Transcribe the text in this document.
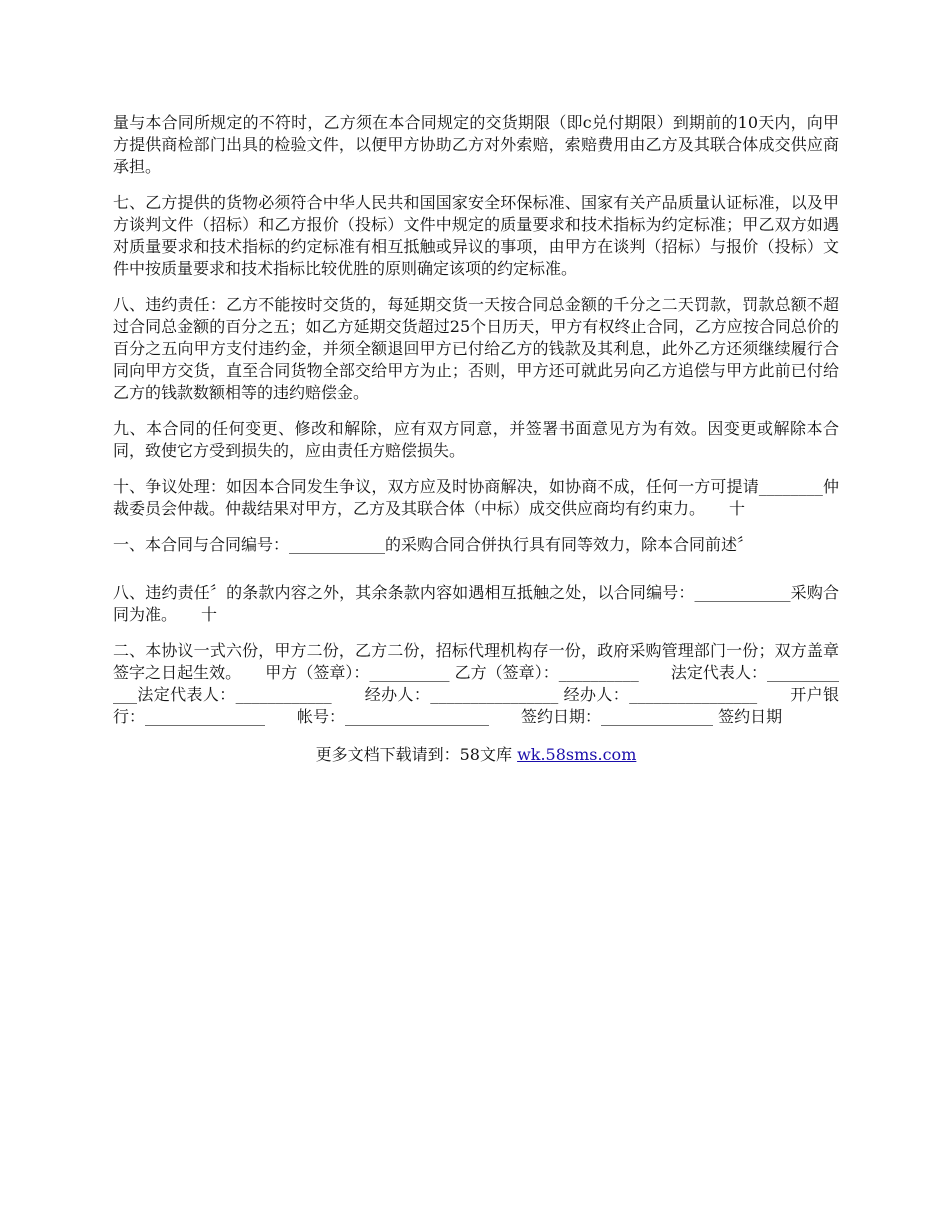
量与本合同所规定的不符时，乙方须在本合同规定的交货期限（即c兑付期限）到期前的10天内，向甲方提供商检部门出具的检验文件，以便甲方协助乙方对外索赔，索赔费用由乙方及其联合体成交供应商承担。

七、乙方提供的货物必须符合中华人民共和国国家安全环保标准、国家有关产品质量认证标准，以及甲方谈判文件（招标）和乙方报价（投标）文件中规定的质量要求和技术指标为约定标准；甲乙双方如遇对质量要求和技术指标的约定标准有相互抵触或异议的事项，由甲方在谈判（招标）与报价（投标）文件中按质量要求和技术指标比较优胜的原则确定该项的约定标准。

八、违约责任：乙方不能按时交货的，每延期交货一天按合同总金额的千分之二天罚款，罚款总额不超过合同总金额的百分之五；如乙方延期交货超过25个日历天，甲方有权终止合同，乙方应按合同总价的百分之五向甲方支付违约金，并须全额退回甲方已付给乙方的钱款及其利息，此外乙方还须继续履行合同向甲方交货，直至合同货物全部交给甲方为止；否则，甲方还可就此另向乙方追偿与甲方此前已付给乙方的钱款数额相等的违约赔偿金。

九、本合同的任何变更、修改和解除，应有双方同意，并签署书面意见方为有效。因变更或解除本合同，致使它方受到损失的，应由责任方赔偿损失。

十、争议处理：如因本合同发生争议，双方应及时协商解决，如协商不成，任何一方可提请________仲裁委员会仲裁。仲裁结果对甲方，乙方及其联合体（中标）成交供应商均有约束力。　　十

一、本合同与合同编号：____________的采购合同合併执行具有同等效力，除本合同前述〞

八、违约责任〞的条款内容之外，其余条款内容如遇相互抵触之处，以合同编号：____________采购合同为准。　　十

二、本协议一式六份，甲方二份，乙方二份，招标代理机构存一份，政府采购管理部门一份；双方盖章签字之日起生效。　　甲方（签章）：__________ 乙方（签章）：__________　　法定代表人：____________法定代表人：____________　　经办人：________________ 经办人：________________　　开户银行：_______________　　帐号：__________________　　签约日期：______________ 签约日期

更多文档下载请到：58文库 wk.58sms.com
